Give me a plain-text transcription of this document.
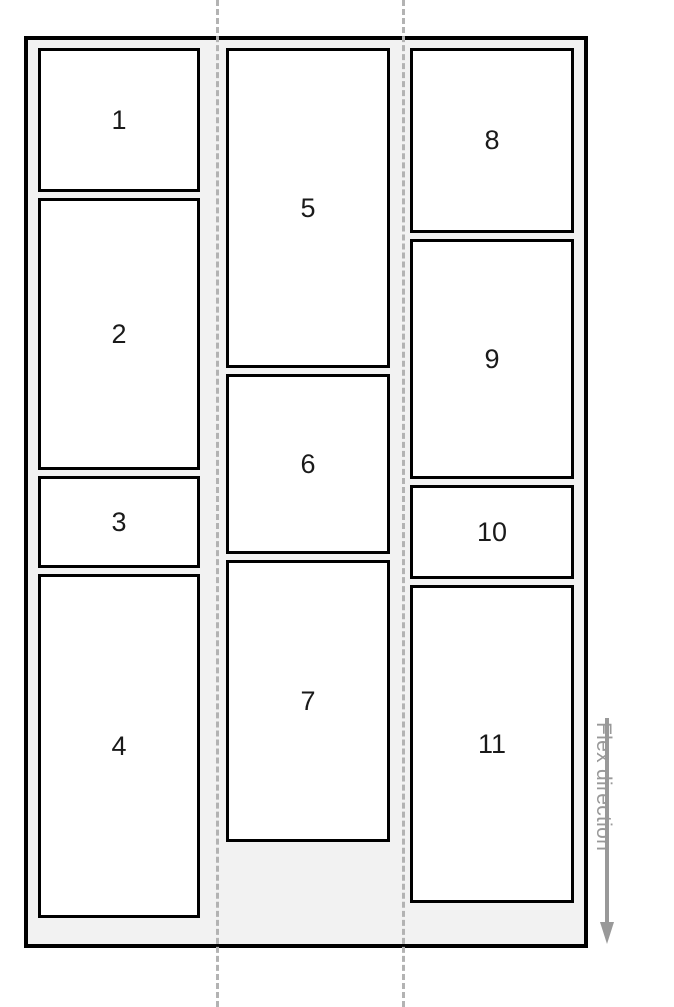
1
2
3
4
5
6
7
8
9
10
11	Flex direction
